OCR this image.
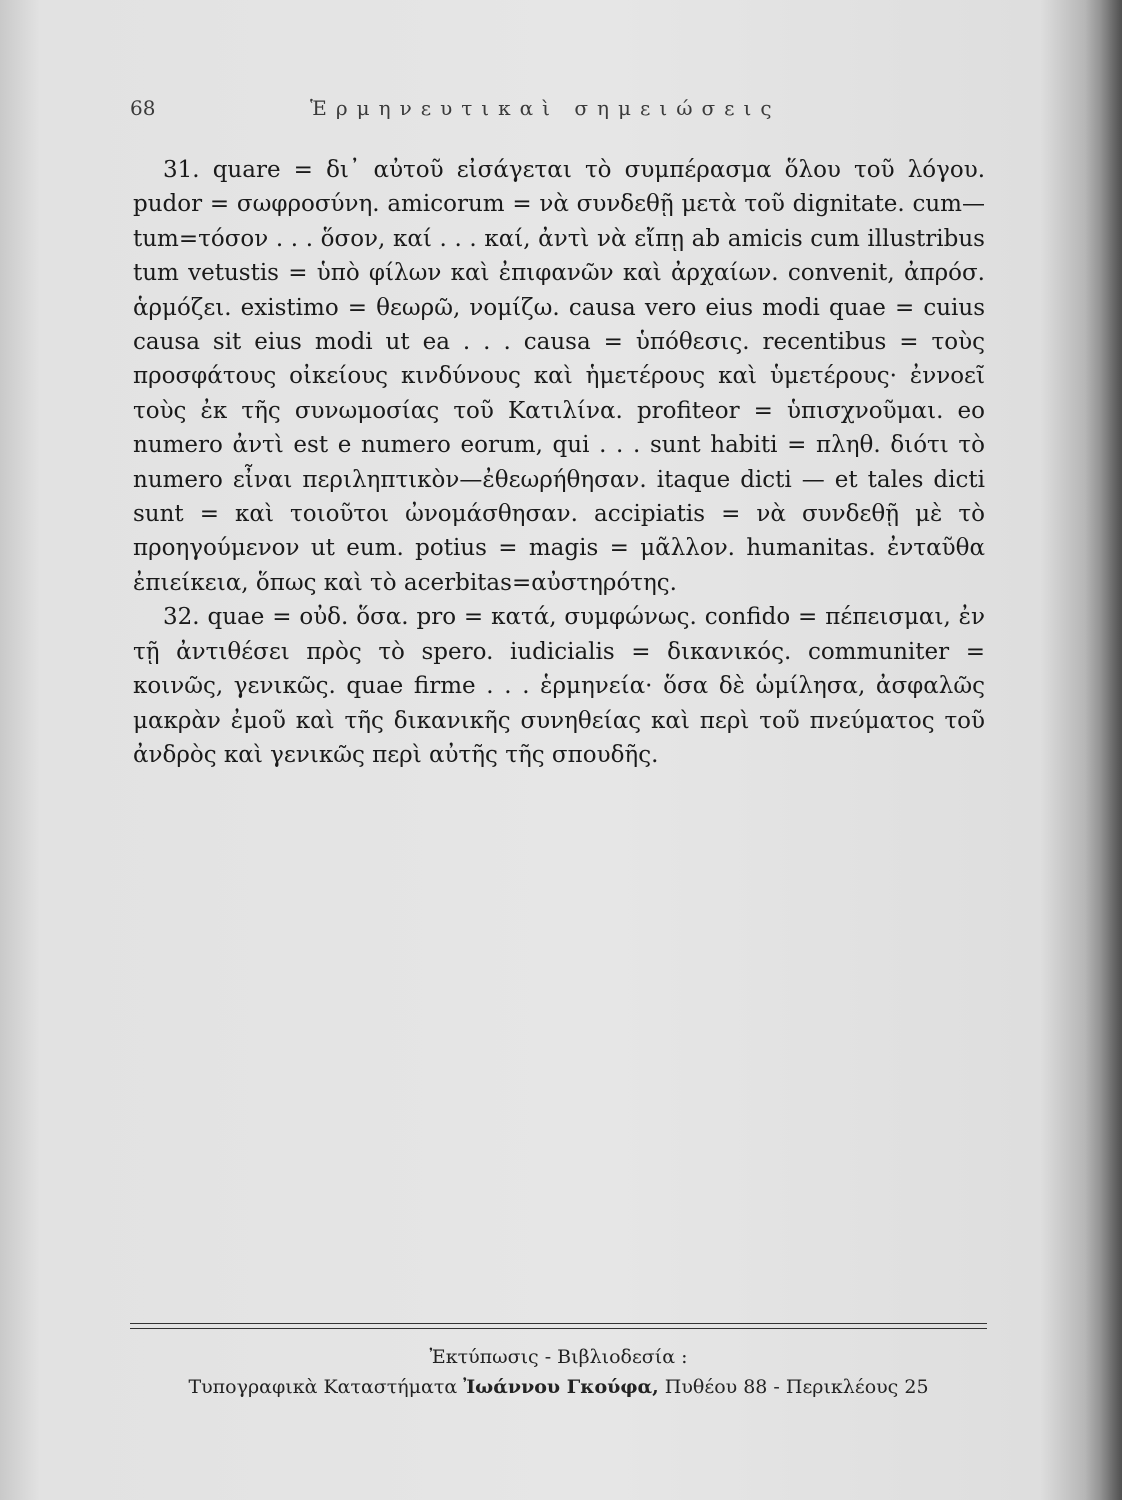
68	Ἑρμηνευτικαὶ σημειώσεις

31. quare = δι᾽ αὐτοῦ εἰσάγεται τὸ συμπέρασμα ὅλου τοῦ λόγου. pudor = σωφροσύνη. amicorum = νὰ συνδεθῇ μετὰ τοῦ dignitate. cum—tum=τόσον . . . ὅσον, καί . . . καί, ἀντὶ νὰ εἴπῃ ab amicis cum illustribus tum vetustis = ὑπὸ φίλων καὶ ἐπιφανῶν καὶ ἀρχαίων. convenit, ἀπρόσ. ἁρμόζει. existimo = θεωρῶ, νομίζω. causa vero eius modi quae = cuius causa sit eius modi ut ea . . . causa = ὑπόθεσις. recentibus = τοὺς προσφάτους οἰκείους κινδύνους καὶ ἡμετέρους καὶ ὑμετέρους· ἐννοεῖ τοὺς ἐκ τῆς συνωμοσίας τοῦ Κατιλίνα. profiteor = ὑπισχνοῦμαι. eo numero ἀντὶ est e numero eorum, qui . . . sunt habiti = πληθ. διότι τὸ numero εἶναι περιληπτικὸν—ἐθεωρήθησαν. itaque dicti — et tales dicti sunt = καὶ τοιοῦτοι ὠνομάσθησαν. accipiatis = νὰ συνδεθῇ μὲ τὸ προηγούμενον ut eum. potius = magis = μᾶλλον. humanitas. ἐνταῦθα ἐπιείκεια, ὅπως καὶ τὸ acerbitas=αὐστηρότης.

32. quae = οὐδ. ὅσα. pro = κατά, συμφώνως. confido = πέπεισμαι, ἐν τῇ ἀντιθέσει πρὸς τὸ spero. iudicialis = δικανικός. communiter = κοινῶς, γενικῶς. quae firme . . . ἑρμηνεία· ὅσα δὲ ὡμίλησα, ἀσφαλῶς μακρὰν ἐμοῦ καὶ τῆς δικανικῆς συνηθείας καὶ περὶ τοῦ πνεύματος τοῦ ἀνδρὸς καὶ γενικῶς περὶ αὐτῆς τῆς σπουδῆς.

Ἐκτύπωσις - Βιβλιοδεσία :
Τυπογραφικὰ Καταστήματα Ἰωάννου Γκούφα, Πυθέου 88 - Περικλέους 25
